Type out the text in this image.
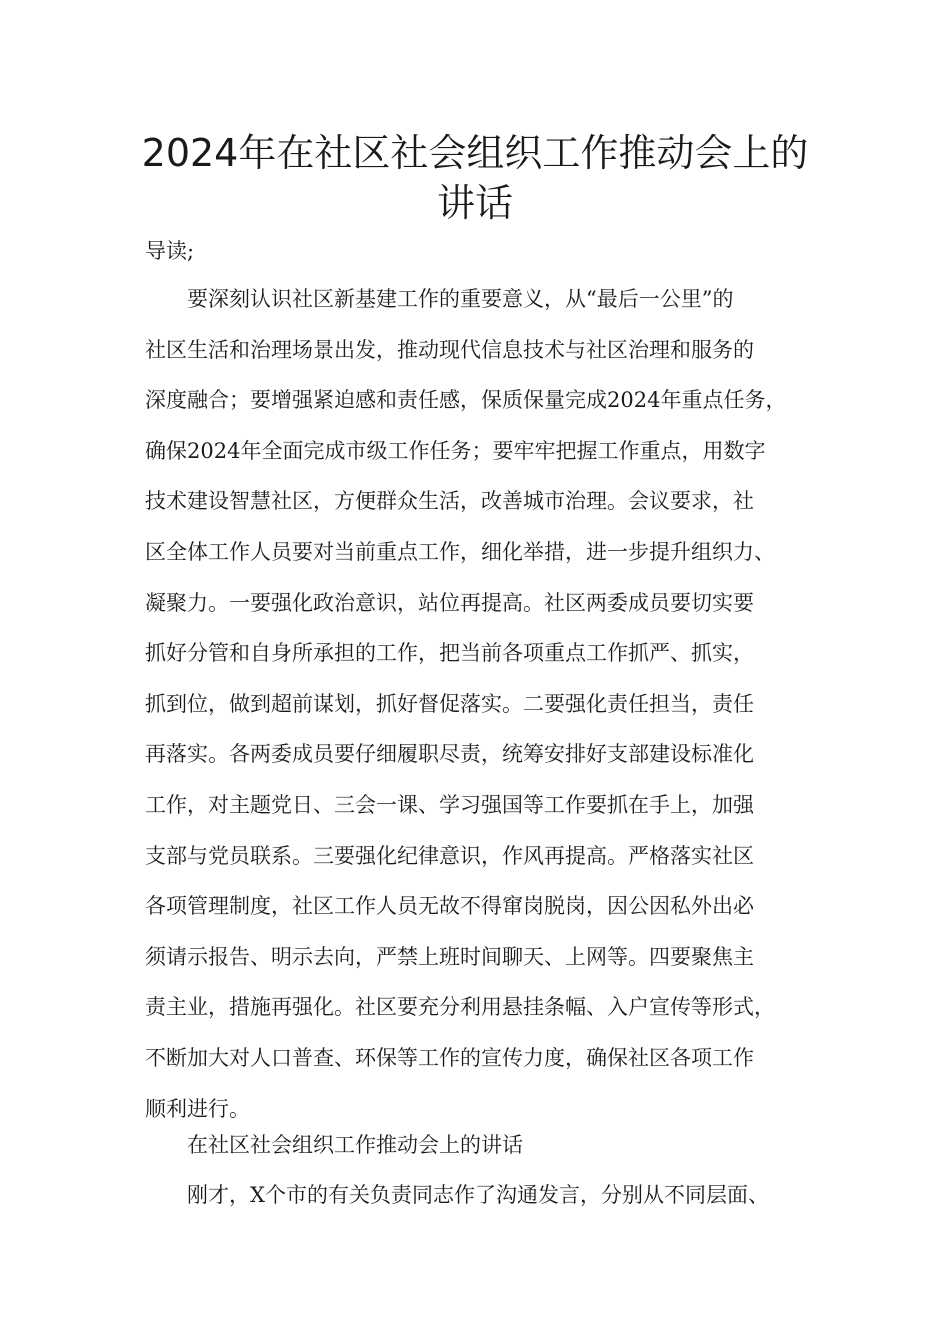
2024年在社区社会组织工作推动会上的
讲话

导读;

要深刻认识社区新基建工作的重要意义，从“最后一公里”的
社区生活和治理场景出发，推动现代信息技术与社区治理和服务的
深度融合；要增强紧迫感和责任感，保质保量完成2024年重点任务，
确保2024年全面完成市级工作任务；要牢牢把握工作重点，用数字
技术建设智慧社区，方便群众生活，改善城市治理。会议要求，社
区全体工作人员要对当前重点工作，细化举措，进一步提升组织力、
凝聚力。一要强化政治意识，站位再提高。社区两委成员要切实要
抓好分管和自身所承担的工作，把当前各项重点工作抓严、抓实，
抓到位，做到超前谋划，抓好督促落实。二要强化责任担当，责任
再落实。各两委成员要仔细履职尽责，统筹安排好支部建设标准化
工作，对主题党日、三会一课、学习强国等工作要抓在手上，加强
支部与党员联系。三要强化纪律意识，作风再提高。严格落实社区
各项管理制度，社区工作人员无故不得窜岗脱岗，因公因私外出必
须请示报告、明示去向，严禁上班时间聊天、上网等。四要聚焦主
责主业，措施再强化。社区要充分利用悬挂条幅、入户宣传等形式，
不断加大对人口普查、环保等工作的宣传力度，确保社区各项工作
顺利进行。

在社区社会组织工作推动会上的讲话

刚才，X个市的有关负责同志作了沟通发言，分别从不同层面、
